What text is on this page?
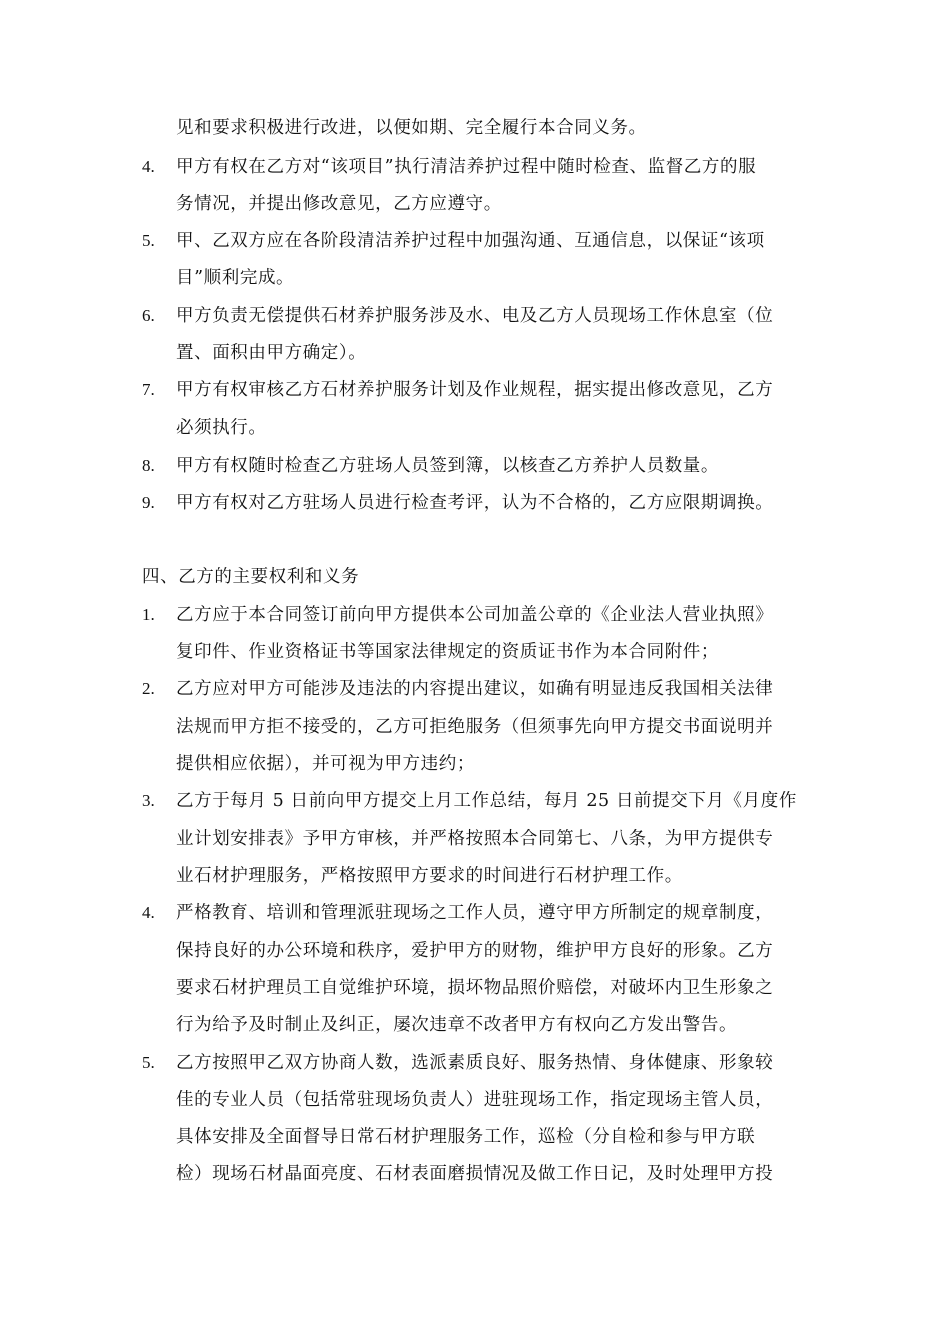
见和要求积极进行改进，以便如期、完全履行本合同义务。
4. 甲方有权在乙方对“该项目”执行清洁养护过程中随时检查、监督乙方的服
务情况，并提出修改意见，乙方应遵守。
5. 甲、乙双方应在各阶段清洁养护过程中加强沟通、互通信息，以保证“该项
目”顺利完成。
6. 甲方负责无偿提供石材养护服务涉及水、电及乙方人员现场工作休息室（位
置、面积由甲方确定）。
7. 甲方有权审核乙方石材养护服务计划及作业规程，据实提出修改意见，乙方
必须执行。
8. 甲方有权随时检查乙方驻场人员签到簿，以核查乙方养护人员数量。
9. 甲方有权对乙方驻场人员进行检查考评，认为不合格的，乙方应限期调换。
四、乙方的主要权利和义务
1. 乙方应于本合同签订前向甲方提供本公司加盖公章的《企业法人营业执照》
复印件、作业资格证书等国家法律规定的资质证书作为本合同附件；
2. 乙方应对甲方可能涉及违法的内容提出建议，如确有明显违反我国相关法律
法规而甲方拒不接受的，乙方可拒绝服务（但须事先向甲方提交书面说明并
提供相应依据），并可视为甲方违约；
3. 乙方于每月 5 日前向甲方提交上月工作总结，每月 25 日前提交下月《月度作
业计划安排表》予甲方审核，并严格按照本合同第七、八条，为甲方提供专
业石材护理服务，严格按照甲方要求的时间进行石材护理工作。
4. 严格教育、培训和管理派驻现场之工作人员，遵守甲方所制定的规章制度，
保持良好的办公环境和秩序，爱护甲方的财物，维护甲方良好的形象。乙方
要求石材护理员工自觉维护环境，损坏物品照价赔偿，对破坏内卫生形象之
行为给予及时制止及纠正，屡次违章不改者甲方有权向乙方发出警告。
5. 乙方按照甲乙双方协商人数，选派素质良好、服务热情、身体健康、形象较
佳的专业人员（包括常驻现场负责人）进驻现场工作，指定现场主管人员，
具体安排及全面督导日常石材护理服务工作，巡检（分自检和参与甲方联
检）现场石材晶面亮度、石材表面磨损情况及做工作日记，及时处理甲方投
